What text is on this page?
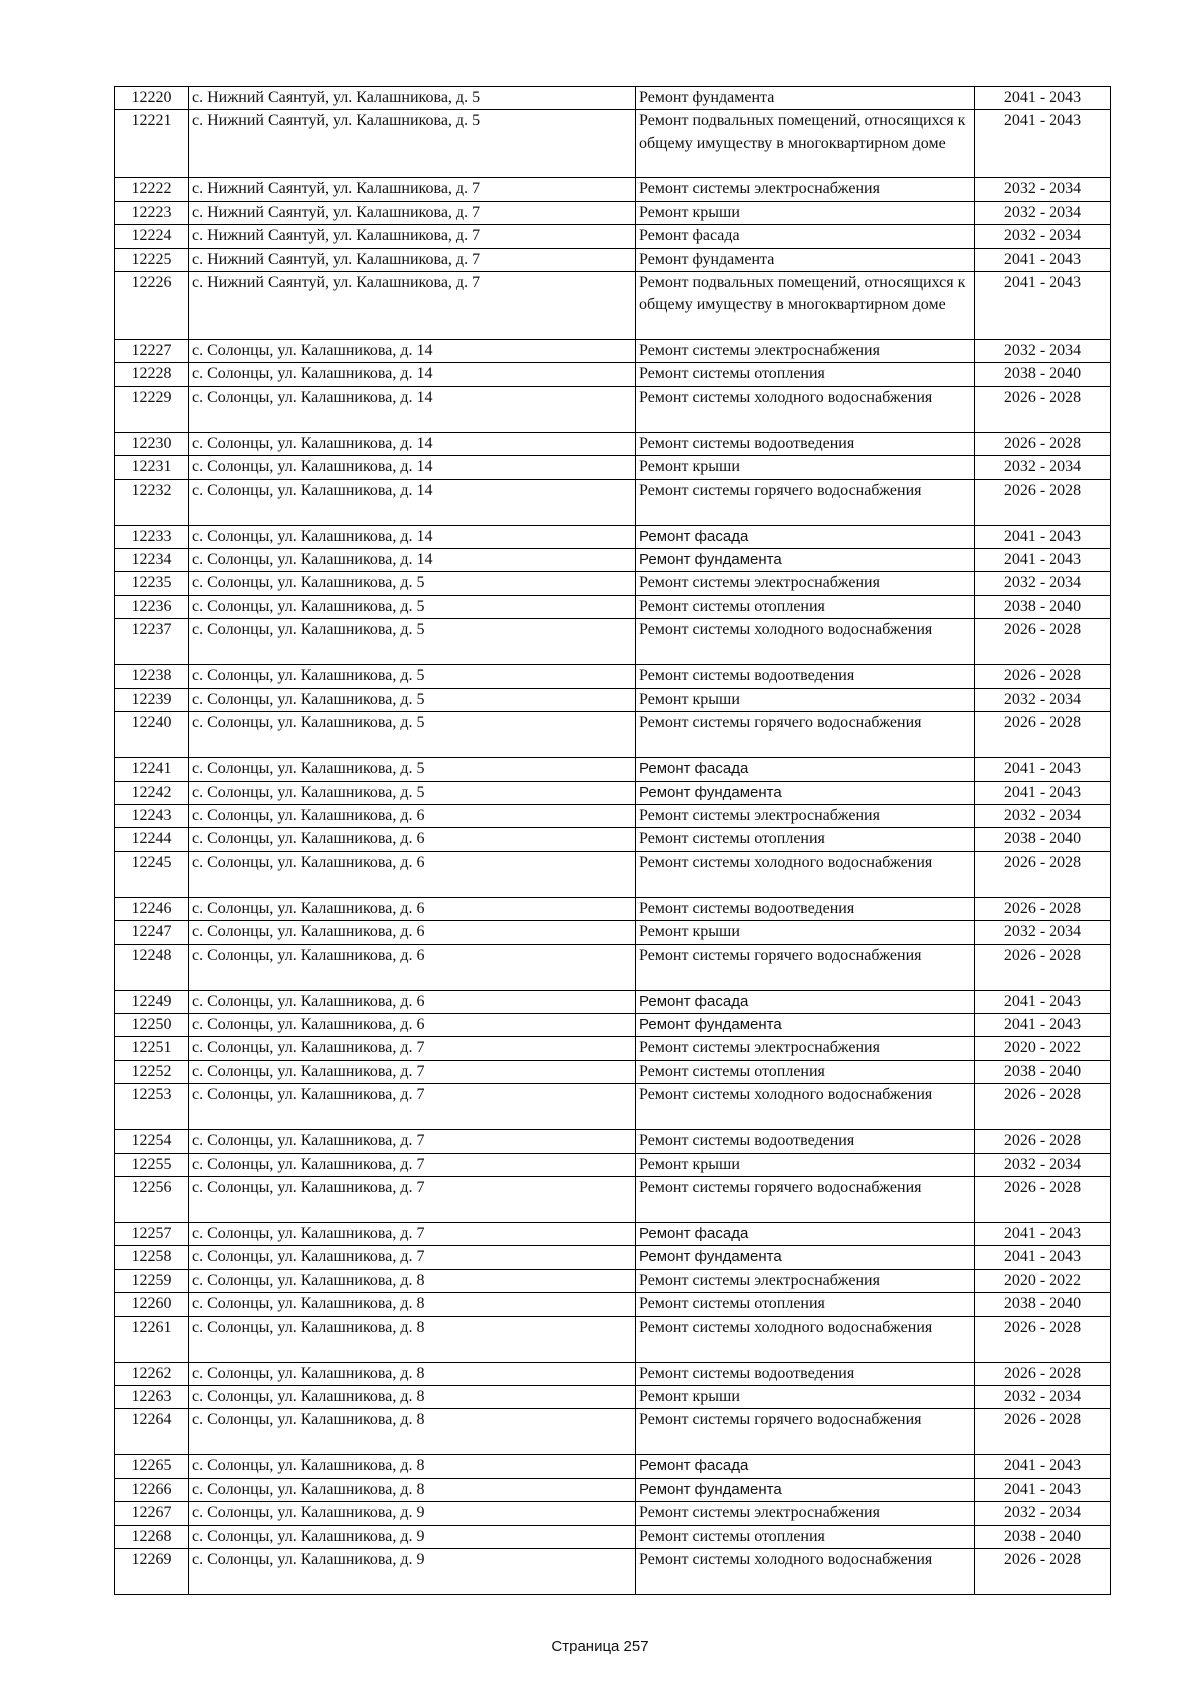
12220	с. Нижний Саянтуй, ул. Калашникова, д. 5	Ремонт фундамента	2041 - 2043
12221	с. Нижний Саянтуй, ул. Калашникова, д. 5	Ремонт подвальных помещений, относящихся к общему имуществу в многоквартирном доме	2041 - 2043
12222	с. Нижний Саянтуй, ул. Калашникова, д. 7	Ремонт системы электроснабжения	2032 - 2034
12223	с. Нижний Саянтуй, ул. Калашникова, д. 7	Ремонт крыши	2032 - 2034
12224	с. Нижний Саянтуй, ул. Калашникова, д. 7	Ремонт фасада	2032 - 2034
12225	с. Нижний Саянтуй, ул. Калашникова, д. 7	Ремонт фундамента	2041 - 2043
12226	с. Нижний Саянтуй, ул. Калашникова, д. 7	Ремонт подвальных помещений, относящихся к общему имуществу в многоквартирном доме	2041 - 2043
12227	с. Солонцы, ул. Калашникова, д. 14	Ремонт системы электроснабжения	2032 - 2034
12228	с. Солонцы, ул. Калашникова, д. 14	Ремонт системы отопления	2038 - 2040
12229	с. Солонцы, ул. Калашникова, д. 14	Ремонт системы холодного водоснабжения	2026 - 2028
12230	с. Солонцы, ул. Калашникова, д. 14	Ремонт системы водоотведения	2026 - 2028
12231	с. Солонцы, ул. Калашникова, д. 14	Ремонт крыши	2032 - 2034
12232	с. Солонцы, ул. Калашникова, д. 14	Ремонт системы горячего водоснабжения	2026 - 2028
12233	с. Солонцы, ул. Калашникова, д. 14	Ремонт фасада	2041 - 2043
12234	с. Солонцы, ул. Калашникова, д. 14	Ремонт фундамента	2041 - 2043
12235	с. Солонцы, ул. Калашникова, д. 5	Ремонт системы электроснабжения	2032 - 2034
12236	с. Солонцы, ул. Калашникова, д. 5	Ремонт системы отопления	2038 - 2040
12237	с. Солонцы, ул. Калашникова, д. 5	Ремонт системы холодного водоснабжения	2026 - 2028
12238	с. Солонцы, ул. Калашникова, д. 5	Ремонт системы водоотведения	2026 - 2028
12239	с. Солонцы, ул. Калашникова, д. 5	Ремонт крыши	2032 - 2034
12240	с. Солонцы, ул. Калашникова, д. 5	Ремонт системы горячего водоснабжения	2026 - 2028
12241	с. Солонцы, ул. Калашникова, д. 5	Ремонт фасада	2041 - 2043
12242	с. Солонцы, ул. Калашникова, д. 5	Ремонт фундамента	2041 - 2043
12243	с. Солонцы, ул. Калашникова, д. 6	Ремонт системы электроснабжения	2032 - 2034
12244	с. Солонцы, ул. Калашникова, д. 6	Ремонт системы отопления	2038 - 2040
12245	с. Солонцы, ул. Калашникова, д. 6	Ремонт системы холодного водоснабжения	2026 - 2028
12246	с. Солонцы, ул. Калашникова, д. 6	Ремонт системы водоотведения	2026 - 2028
12247	с. Солонцы, ул. Калашникова, д. 6	Ремонт крыши	2032 - 2034
12248	с. Солонцы, ул. Калашникова, д. 6	Ремонт системы горячего водоснабжения	2026 - 2028
12249	с. Солонцы, ул. Калашникова, д. 6	Ремонт фасада	2041 - 2043
12250	с. Солонцы, ул. Калашникова, д. 6	Ремонт фундамента	2041 - 2043
12251	с. Солонцы, ул. Калашникова, д. 7	Ремонт системы электроснабжения	2020 - 2022
12252	с. Солонцы, ул. Калашникова, д. 7	Ремонт системы отопления	2038 - 2040
12253	с. Солонцы, ул. Калашникова, д. 7	Ремонт системы холодного водоснабжения	2026 - 2028
12254	с. Солонцы, ул. Калашникова, д. 7	Ремонт системы водоотведения	2026 - 2028
12255	с. Солонцы, ул. Калашникова, д. 7	Ремонт крыши	2032 - 2034
12256	с. Солонцы, ул. Калашникова, д. 7	Ремонт системы горячего водоснабжения	2026 - 2028
12257	с. Солонцы, ул. Калашникова, д. 7	Ремонт фасада	2041 - 2043
12258	с. Солонцы, ул. Калашникова, д. 7	Ремонт фундамента	2041 - 2043
12259	с. Солонцы, ул. Калашникова, д. 8	Ремонт системы электроснабжения	2020 - 2022
12260	с. Солонцы, ул. Калашникова, д. 8	Ремонт системы отопления	2038 - 2040
12261	с. Солонцы, ул. Калашникова, д. 8	Ремонт системы холодного водоснабжения	2026 - 2028
12262	с. Солонцы, ул. Калашникова, д. 8	Ремонт системы водоотведения	2026 - 2028
12263	с. Солонцы, ул. Калашникова, д. 8	Ремонт крыши	2032 - 2034
12264	с. Солонцы, ул. Калашникова, д. 8	Ремонт системы горячего водоснабжения	2026 - 2028
12265	с. Солонцы, ул. Калашникова, д. 8	Ремонт фасада	2041 - 2043
12266	с. Солонцы, ул. Калашникова, д. 8	Ремонт фундамента	2041 - 2043
12267	с. Солонцы, ул. Калашникова, д. 9	Ремонт системы электроснабжения	2032 - 2034
12268	с. Солонцы, ул. Калашникова, д. 9	Ремонт системы отопления	2038 - 2040
12269	с. Солонцы, ул. Калашникова, д. 9	Ремонт системы холодного водоснабжения	2026 - 2028
Страница 257
